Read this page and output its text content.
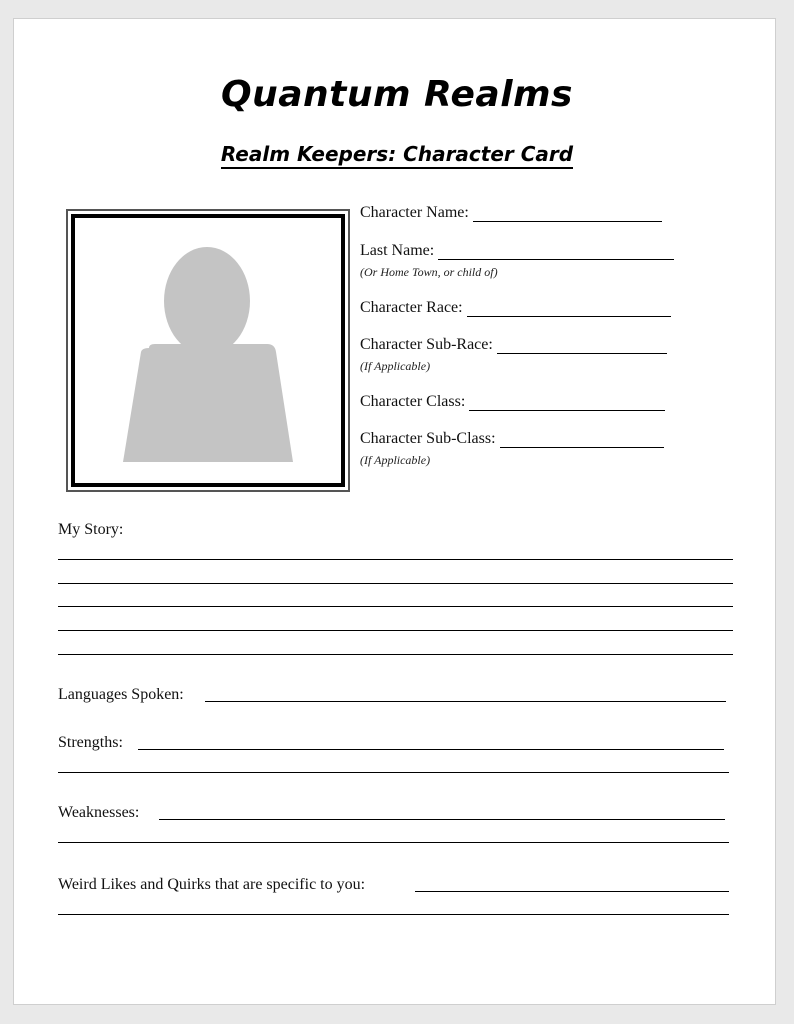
Quantum Realms
Realm Keepers: Character Card
Character Name:
Last Name:
(Or Home Town, or child of)
Character Race:
Character Sub-Race:
(If Applicable)
Character Class:
Character Sub-Class:
(If Applicable)
My Story:
Languages Spoken:
Strengths:
Weaknesses:
Weird Likes and Quirks that are specific to you:
